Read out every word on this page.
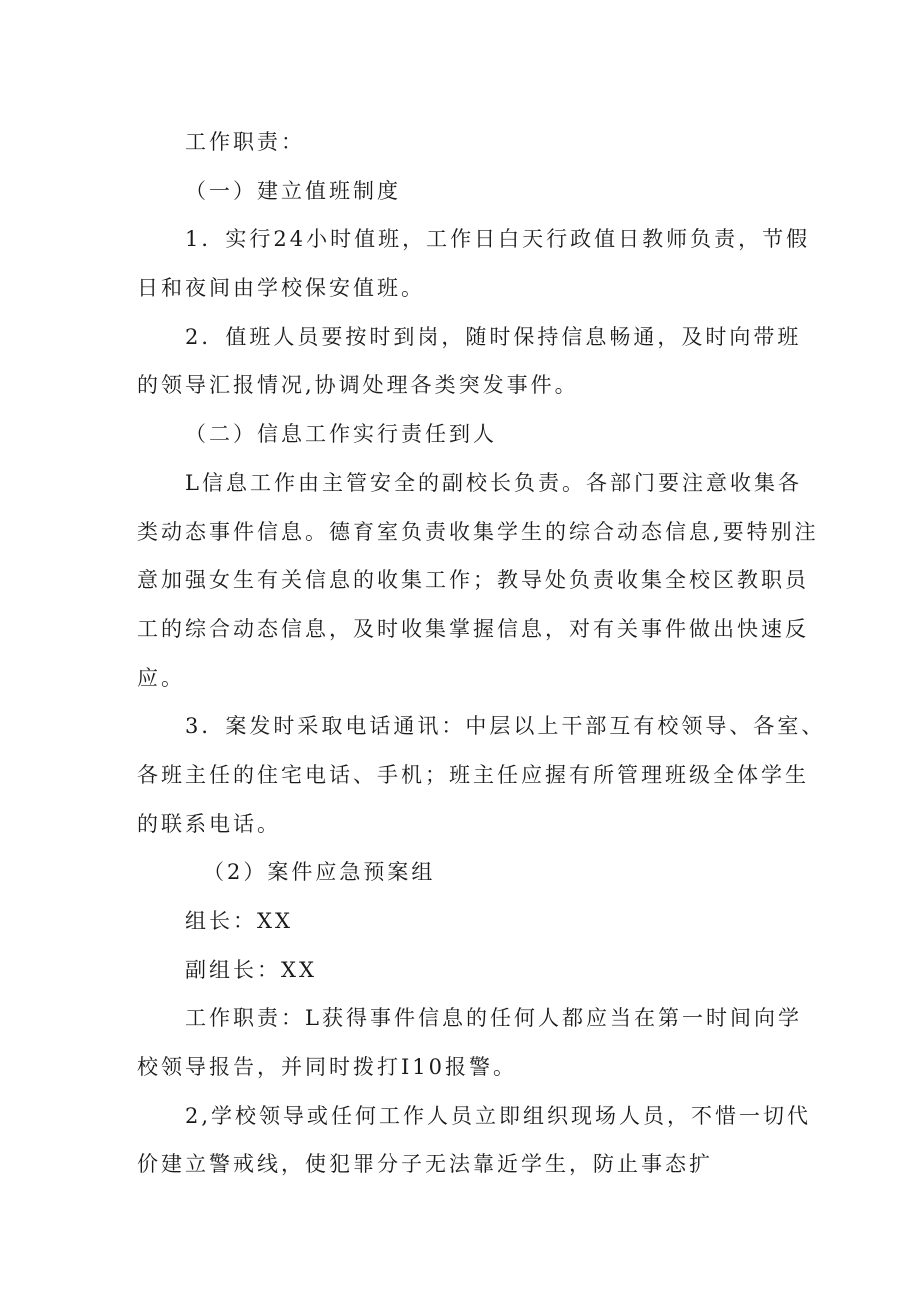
工作职责：
（一）建立值班制度
1．实行24小时值班，工作日白天行政值日教师负责，节假
日和夜间由学校保安值班。
2．值班人员要按时到岗，随时保持信息畅通，及时向带班
的领导汇报情况,协调处理各类突发事件。
（二）信息工作实行责任到人
L信息工作由主管安全的副校长负责。各部门要注意收集各
类动态事件信息。德育室负责收集学生的综合动态信息,要特别注
意加强女生有关信息的收集工作；教导处负责收集全校区教职员
工的综合动态信息，及时收集掌握信息，对有关事件做出快速反
应。
3．案发时采取电话通讯：中层以上干部互有校领导、各室、
各班主任的住宅电话、手机；班主任应握有所管理班级全体学生
的联系电话。
（2）案件应急预案组
组长：XX
副组长：XX
工作职责：L获得事件信息的任何人都应当在第一时间向学
校领导报告，并同时拨打I10报警。
2,学校领导或任何工作人员立即组织现场人员，不惜一切代
价建立警戒线，使犯罪分子无法靠近学生，防止事态扩
